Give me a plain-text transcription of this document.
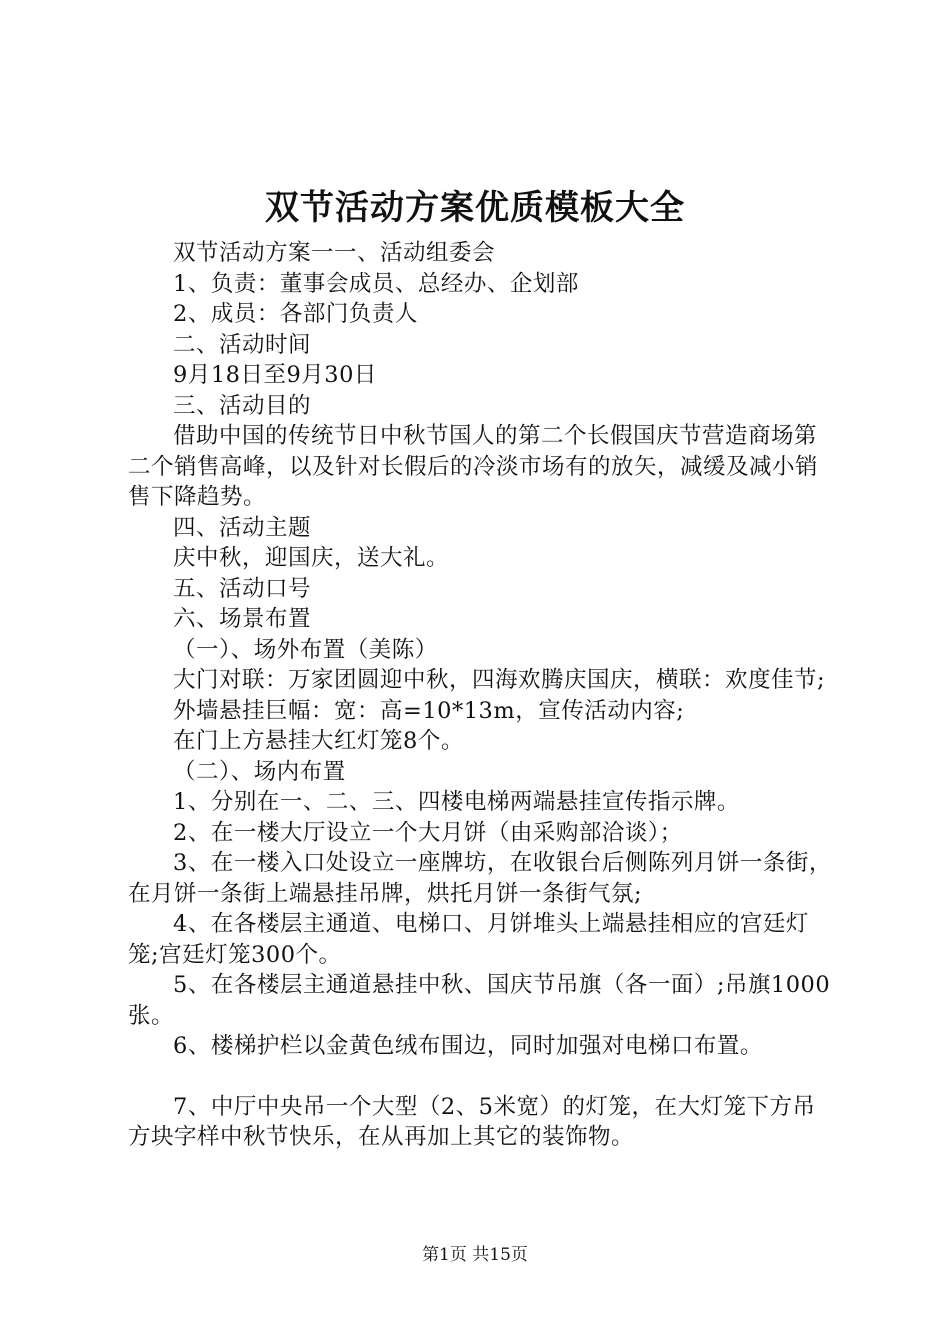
双节活动方案优质模板大全

双节活动方案一一、活动组委会

1、负责：董事会成员、总经办、企划部

2、成员：各部门负责人

二、活动时间

9月18日至9月30日

三、活动目的

借助中国的传统节日中秋节国人的第二个长假国庆节营造商场第二个销售高峰，以及针对长假后的冷淡市场有的放矢，减缓及减小销售下降趋势。

四、活动主题

庆中秋，迎国庆，送大礼。

五、活动口号

六、场景布置

（一）、场外布置（美陈）

大门对联：万家团圆迎中秋，四海欢腾庆国庆，横联：欢度佳节;

外墙悬挂巨幅：宽：高=10*13m，宣传活动内容;

在门上方悬挂大红灯笼8个。

（二）、场内布置

1、分别在一、二、三、四楼电梯两端悬挂宣传指示牌。

2、在一楼大厅设立一个大月饼（由采购部洽谈）；

3、在一楼入口处设立一座牌坊，在收银台后侧陈列月饼一条街，在月饼一条街上端悬挂吊牌，烘托月饼一条街气氛;

4、在各楼层主通道、电梯口、月饼堆头上端悬挂相应的宫廷灯笼;宫廷灯笼300个。

5、在各楼层主通道悬挂中秋、国庆节吊旗（各一面）;吊旗1000张。

6、楼梯护栏以金黄色绒布围边，同时加强对电梯口布置。

7、中厅中央吊一个大型（2、5米宽）的灯笼，在大灯笼下方吊方块字样中秋节快乐，在从再加上其它的装饰物。

第1页 共15页
